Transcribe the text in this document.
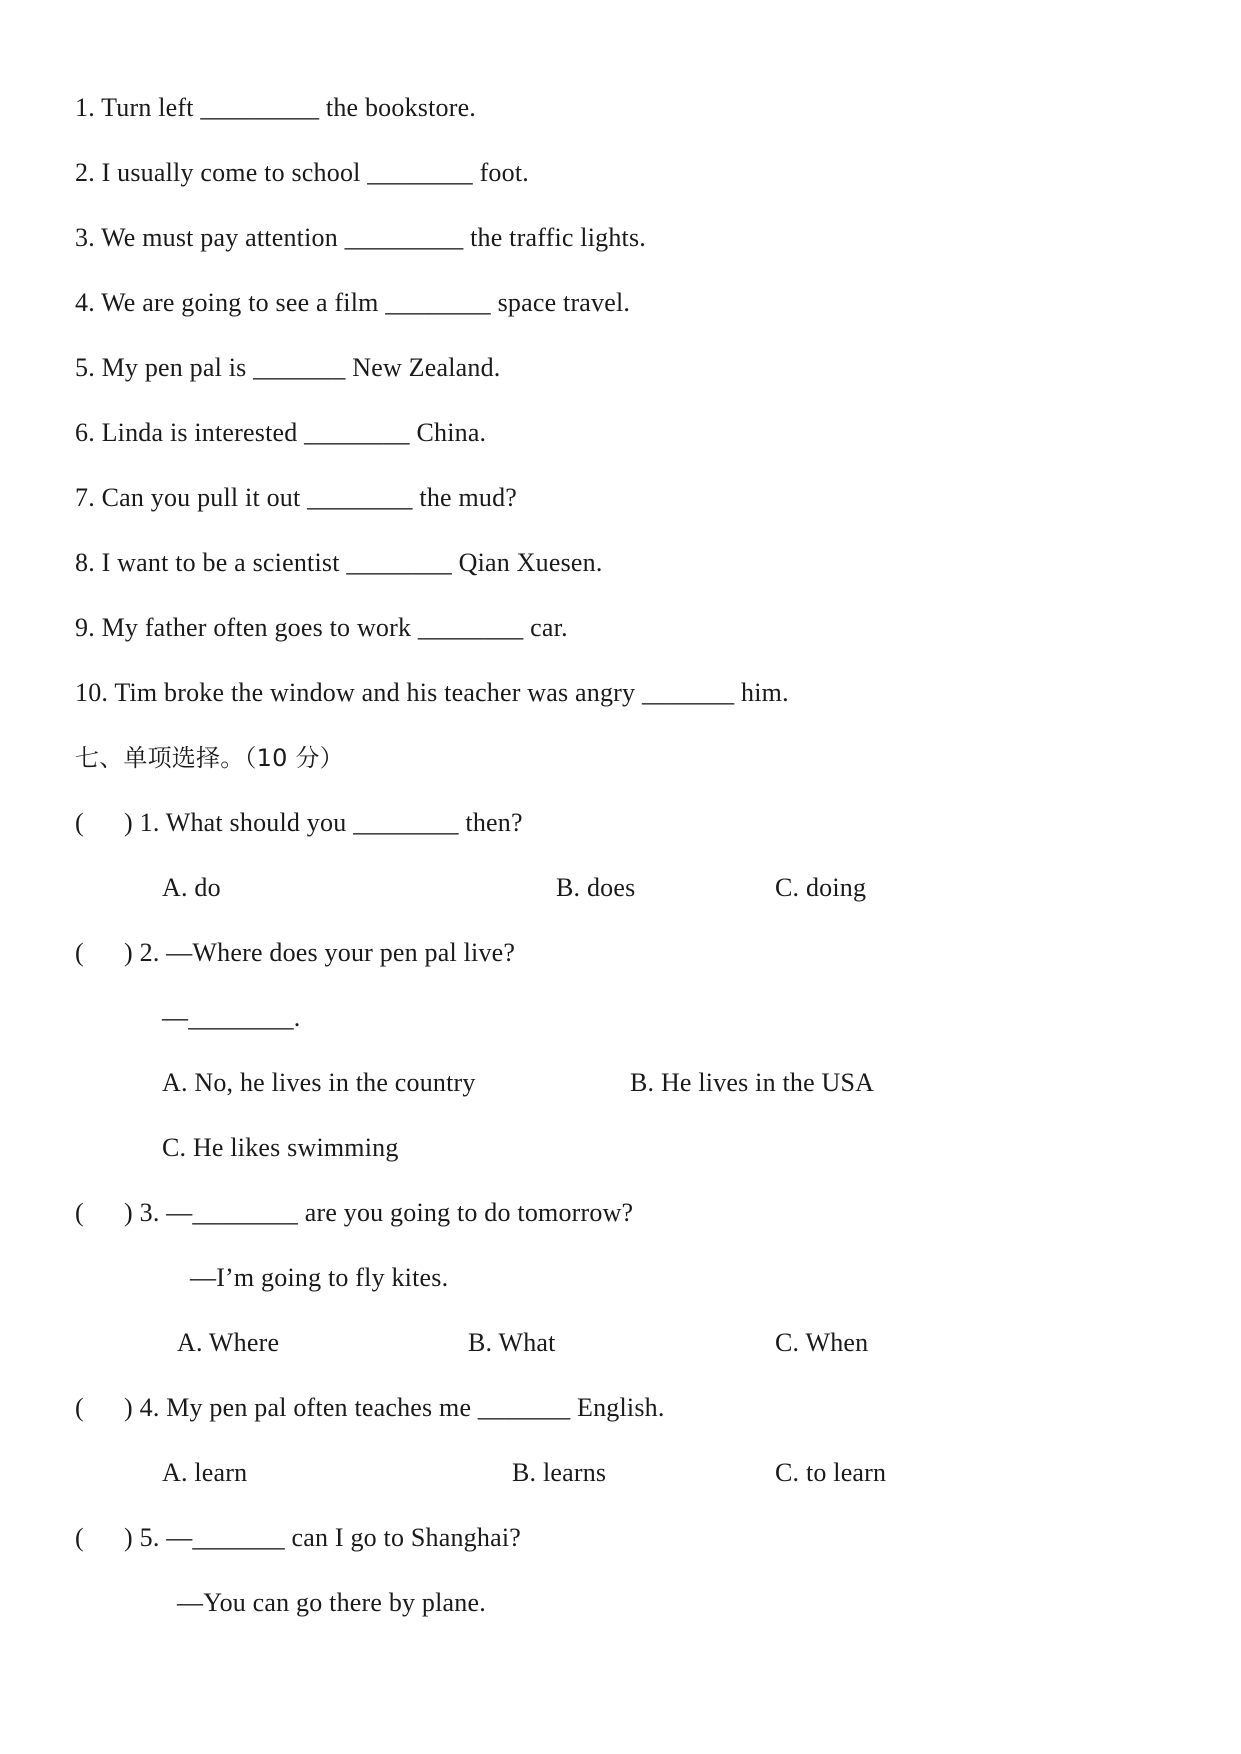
1. Turn left _________ the bookstore.
2. I usually come to school ________ foot.
3. We must pay attention _________ the traffic lights.
4. We are going to see a film ________ space travel.
5. My pen pal is _______ New Zealand.
6. Linda is interested ________ China.
7. Can you pull it out ________ the mud?
8. I want to be a scientist ________ Qian Xuesen.
9. My father often goes to work ________ car.
10. Tim broke the window and his teacher was angry _______ him.
七、单项选择。（10 分）
(      ) 1. What should you ________ then?
A. do	B. does	C. doing
(      ) 2. —Where does your pen pal live?
—________.
A. No, he lives in the country	B. He lives in the USA
C. He likes swimming
(      ) 3. —________ are you going to do tomorrow?
—I’m going to fly kites.
A. Where	B. What	C. When
(      ) 4. My pen pal often teaches me _______ English.
A. learn	B. learns	C. to learn
(      ) 5. —_______ can I go to Shanghai?
—You can go there by plane.
